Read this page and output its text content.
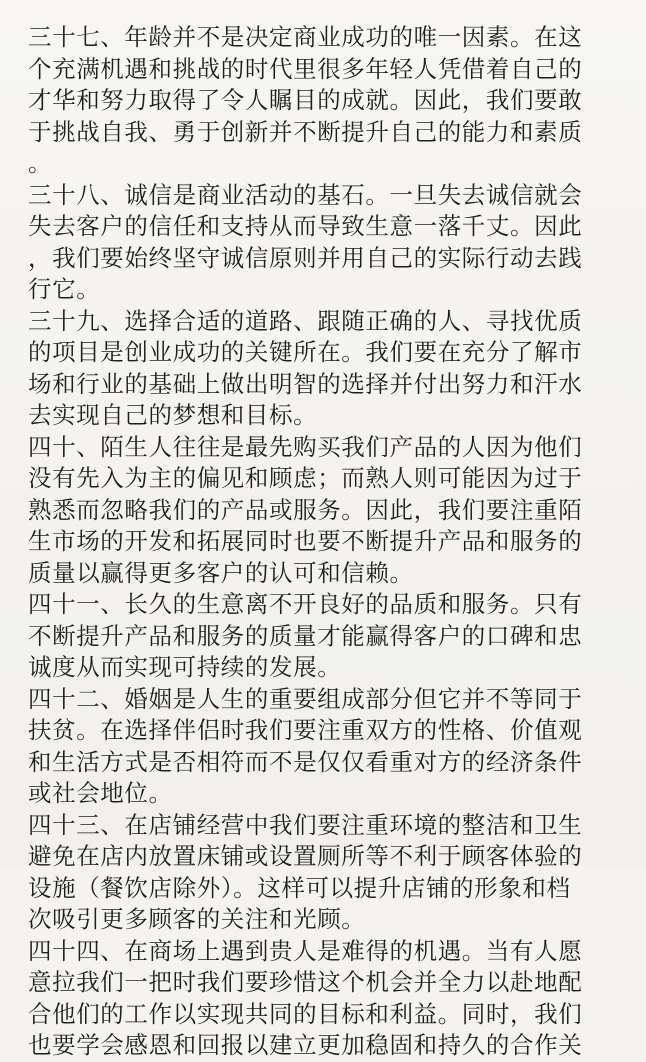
三十七、年龄并不是决定商业成功的唯一因素。在这
个充满机遇和挑战的时代里很多年轻人凭借着自己的
才华和努力取得了令人瞩目的成就。因此，我们要敢
于挑战自我、勇于创新并不断提升自己的能力和素质
。
三十八、诚信是商业活动的基石。一旦失去诚信就会
失去客户的信任和支持从而导致生意一落千丈。因此
，我们要始终坚守诚信原则并用自己的实际行动去践
行它。
三十九、选择合适的道路、跟随正确的人、寻找优质
的项目是创业成功的关键所在。我们要在充分了解市
场和行业的基础上做出明智的选择并付出努力和汗水
去实现自己的梦想和目标。
四十、陌生人往往是最先购买我们产品的人因为他们
没有先入为主的偏见和顾虑；而熟人则可能因为过于
熟悉而忽略我们的产品或服务。因此，我们要注重陌
生市场的开发和拓展同时也要不断提升产品和服务的
质量以赢得更多客户的认可和信赖。
四十一、长久的生意离不开良好的品质和服务。只有
不断提升产品和服务的质量才能赢得客户的口碑和忠
诚度从而实现可持续的发展。
四十二、婚姻是人生的重要组成部分但它并不等同于
扶贫。在选择伴侣时我们要注重双方的性格、价值观
和生活方式是否相符而不是仅仅看重对方的经济条件
或社会地位。
四十三、在店铺经营中我们要注重环境的整洁和卫生
避免在店内放置床铺或设置厕所等不利于顾客体验的
设施（餐饮店除外）。这样可以提升店铺的形象和档
次吸引更多顾客的关注和光顾。
四十四、在商场上遇到贵人是难得的机遇。当有人愿
意拉我们一把时我们要珍惜这个机会并全力以赴地配
合他们的工作以实现共同的目标和利益。同时，我们
也要学会感恩和回报以建立更加稳固和持久的合作关
